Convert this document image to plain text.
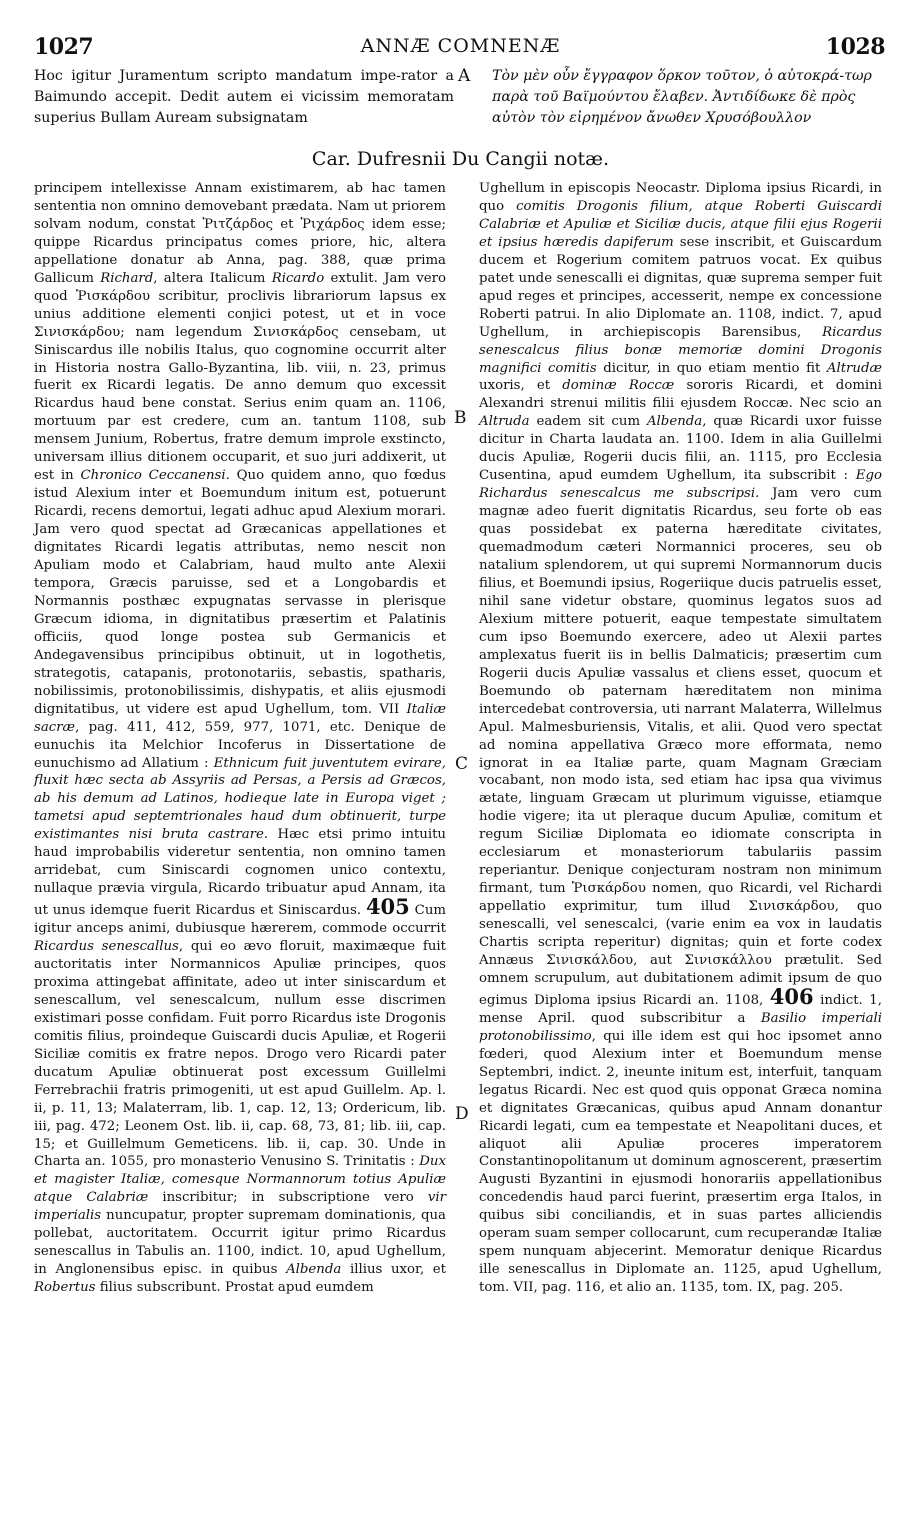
1027	ANNÆ COMNENÆ	1028
Hoc igitur Juramentum scripto mandatum impe-rator a Baimundo accepit. Dedit autem ei vicissim memoratam superius Bullam Auream subsignatam
A Τὸν μὲν οὖν ἔγγραφον ὅρκον τοῦτον, ὁ αὐτοκρά-τωρ παρὰ τοῦ Βαϊμούντου ἔλαβεν. Ἀντιδίδωκε δὲ πρὸς αὐτὸν τὸν εἰρημένον ἄνωθεν Χρυσόβουλλον
Car. Dufresnii Du Cangii notæ.
B
C
D

principem intellexisse Annam existimarem, ab hac tamen sententia non omnino demovebant prædata. Nam ut priorem solvam nodum, constat Ῥιτζάρδος et Ῥιχάρδος idem esse; quippe Ricardus principatus comes priore, hic, altera appellatione donatur ab Anna, pag. 388, quæ prima Gallicum Richard, altera Italicum Ricardo extulit. Jam vero quod Ῥισκάρδου scribitur, proclivis librariorum lapsus ex unius additione elementi conjici potest, ut et in voce Σινισκάρδου; nam legendum Σινισκάρδος censebam, ut Siniscardus ille nobilis Italus, quo cognomine occurrit alter in Historia nostra Gallo-Byzantina, lib. viii, n. 23, primus fuerit ex Ricardi legatis. De anno demum quo excessit Ricardus haud bene constat. Serius enim quam an. 1106, mortuum par est credere, cum an. tantum 1108, sub mensem Junium, Robertus, fratre demum improle exstincto, universam illius ditionem occuparit, et suo juri addixerit, ut est in Chronico Ceccanensi. Quo quidem anno, quo fœdus istud Alexium inter et Boemundum initum est, potuerunt Ricardi, recens demortui, legati adhuc apud Alexium morari. Jam vero quod spectat ad Græcanicas appellationes et dignitates Ricardi legatis attributas, nemo nescit non Apuliam modo et Calabriam, haud multo ante Alexii tempora, Græcis paruisse, sed et a Longobardis et Normannis posthæc expugnatas servasse in plerisque Græcum idioma, in dignitatibus præsertim et Palatinis officiis, quod longe postea sub Germanicis et Andegavensibus principibus obtinuit, ut in logothetis, strategotis, catapanis, protonotariis, sebastis, spatharis, nobilissimis, protonobilissimis, dishypatis, et aliis ejusmodi dignitatibus, ut videre est apud Ughellum, tom. VII Italiæ sacræ, pag. 411, 412, 559, 977, 1071, etc. Denique de eunuchis ita Melchior Incoferus in Dissertatione de eunuchismo ad Allatium : Ethnicum fuit juventutem evirare, fluxit hæc secta ab Assyriis ad Persas, a Persis ad Græcos, ab his demum ad Latinos, hodieque late in Europa viget ; tametsi apud septemtrionales haud dum obtinuerit, turpe existimantes nisi bruta castrare. Hæc etsi primo intuitu haud improbabilis videretur sententia, non omnino tamen arridebat, cum Siniscardi cognomen unico contextu, nullaque prævia virgula, Ricardo tribuatur apud Annam, ita ut unus idemque fuerit Ricardus et Siniscardus. 405 Cum igitur anceps animi, dubiusque hærerem, commode occurrit Ricardus senescallus, qui eo ævo floruit, maximæque fuit auctoritatis inter Normannicos Apuliæ principes, quos proxima attingebat affinitate, adeo ut inter siniscardum et senescallum, vel senescalcum, nullum esse discrimen existimari posse confidam. Fuit porro Ricardus iste Drogonis comitis filius, proindeque Guiscardi ducis Apuliæ, et Rogerii Siciliæ comitis ex fratre nepos. Drogo vero Ricardi pater ducatum Apuliæ obtinuerat post excessum Guillelmi Ferrebrachii fratris primogeniti, ut est apud Guillelm. Ap. l. ii, p. 11, 13; Malaterram, lib. 1, cap. 12, 13; Ordericum, lib. iii, pag. 472; Leonem Ost. lib. ii, cap. 68, 73, 81; lib. iii, cap. 15; et Guillelmum Gemeticens. lib. ii, cap. 30. Unde in Charta an. 1055, pro monasterio Venusino S. Trinitatis : Dux et magister Italiæ, comesque Normannorum totius Apuliæ atque Calabriæ inscribitur; in subscriptione vero vir imperialis nuncupatur, propter supremam dominationis, qua pollebat, auctoritatem. Occurrit igitur primo Ricardus senescallus in Tabulis an. 1100, indict. 10, apud Ughellum, in Anglonensibus episc. in quibus Albenda illius uxor, et Robertus filius subscribunt. Prostat apud eumdem

Ughellum in episcopis Neocastr. Diploma ipsius Ricardi, in quo comitis Drogonis filium, atque Roberti Guiscardi Calabriæ et Apuliæ et Siciliæ ducis, atque filii ejus Rogerii et ipsius hæredis dapiferum sese inscribit, et Guiscardum ducem et Rogerium comitem patruos vocat. Ex quibus patet unde senescalli ei dignitas, quæ suprema semper fuit apud reges et principes, accesserit, nempe ex concessione Roberti patrui. In alio Diplomate an. 1108, indict. 7, apud Ughellum, in archiepiscopis Barensibus, Ricardus senescalcus filius bonæ memoriæ domini Drogonis magnifici comitis dicitur, in quo etiam mentio fit Altrudæ uxoris, et dominæ Roccæ sororis Ricardi, et domini Alexandri strenui militis filii ejusdem Roccæ. Nec scio an Altruda eadem sit cum Albenda, quæ Ricardi uxor fuisse dicitur in Charta laudata an. 1100. Idem in alia Guillelmi ducis Apuliæ, Rogerii ducis filii, an. 1115, pro Ecclesia Cusentina, apud eumdem Ughellum, ita subscribit : Ego Richardus senescalcus me subscripsi. Jam vero cum magnæ adeo fuerit dignitatis Ricardus, seu forte ob eas quas possidebat ex paterna hæreditate civitates, quemadmodum cæteri Normannici proceres, seu ob natalium splendorem, ut qui supremi Normannorum ducis filius, et Boemundi ipsius, Rogeriique ducis patruelis esset, nihil sane videtur obstare, quominus legatos suos ad Alexium mittere potuerit, eaque tempestate simultatem cum ipso Boemundo exercere, adeo ut Alexii partes amplexatus fuerit iis in bellis Dalmaticis; præsertim cum Rogerii ducis Apuliæ vassalus et cliens esset, quocum et Boemundo ob paternam hæreditatem non minima intercedebat controversia, uti narrant Malaterra, Willelmus Apul. Malmesburiensis, Vitalis, et alii. Quod vero spectat ad nomina appellativa Græco more efformata, nemo ignorat in ea Italiæ parte, quam Magnam Græciam vocabant, non modo ista, sed etiam hac ipsa qua vivimus ætate, linguam Græcam ut plurimum viguisse, etiamque hodie vigere; ita ut pleraque ducum Apuliæ, comitum et regum Siciliæ Diplomata eo idiomate conscripta in ecclesiarum et monasteriorum tabulariis passim reperiantur. Denique conjecturam nostram non minimum firmant, tum Ῥισκάρδου nomen, quo Ricardi, vel Richardi appellatio exprimitur, tum illud Σινισκάρδου, quo senescalli, vel senescalci, (varie enim ea vox in laudatis Chartis scripta reperitur) dignitas; quin et forte codex Annæus Σινισκάλδου, aut Σινισκάλλου prætulit. Sed omnem scrupulum, aut dubitationem adimit ipsum de quo egimus Diploma ipsius Ricardi an. 1108, 406 indict. 1, mense April. quod subscribitur a Basilio imperiali protonobilissimo, qui ille idem est qui hoc ipsomet anno fœderi, quod Alexium inter et Boemundum mense Septembri, indict. 2, ineunte initum est, interfuit, tanquam legatus Ricardi. Nec est quod quis opponat Græca nomina et dignitates Græcanicas, quibus apud Annam donantur Ricardi legati, cum ea tempestate et Neapolitani duces, et aliquot alii Apuliæ proceres imperatorem Constantinopolitanum ut dominum agnoscerent, præsertim Augusti Byzantini in ejusmodi honorariis appellationibus concedendis haud parci fuerint, præsertim erga Italos, in quibus sibi conciliandis, et in suas partes alliciendis operam suam semper collocarunt, cum recuperandæ Italiæ spem nunquam abjecerint. Memoratur denique Ricardus ille senescallus in Diplomate an. 1125, apud Ughellum, tom. VII, pag. 116, et alio an. 1135, tom. IX, pag. 205.
